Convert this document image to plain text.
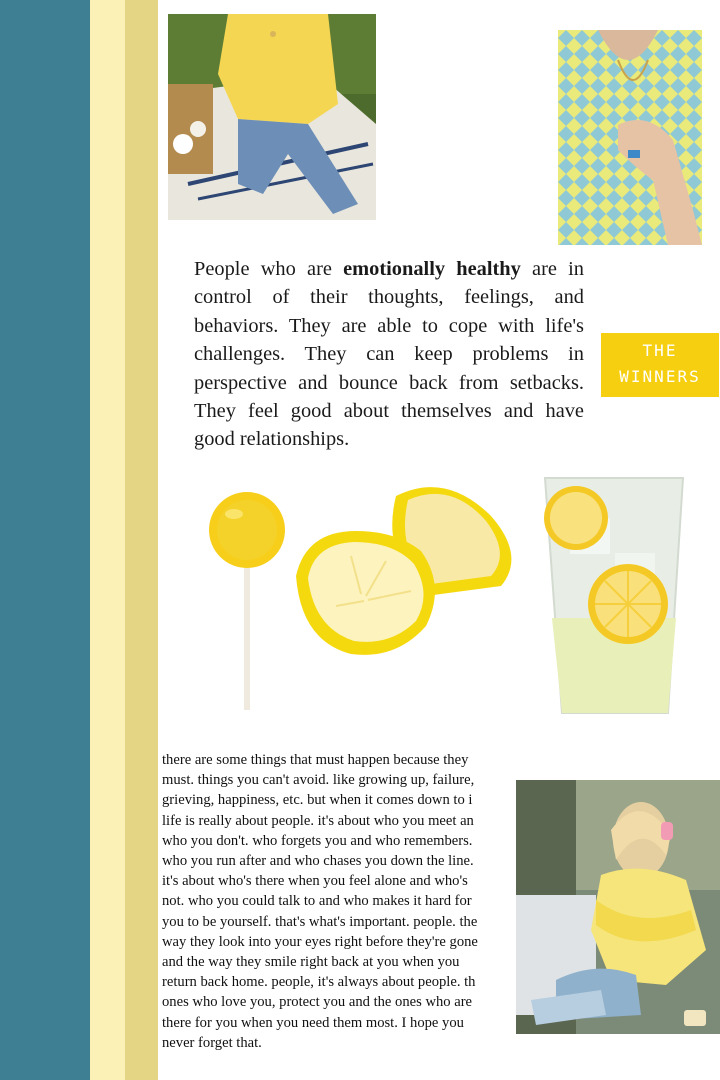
People who are emotionally healthy are in control of their thoughts, feelings, and behaviors. They are able to cope with life's challenges. They can keep problems in perspective and bounce back from setbacks. They feel good about themselves and have good relationships.

THE
WINNERS

there are some things that must happen because they
must. things you can't avoid. like growing up, failure,
grieving, happiness, etc. but when it comes down to i
life is really about people. it's about who you meet an
who you don't. who forgets you and who remembers.
who you run after and who chases you down the line.
it's about who's there when you feel alone and who's
not. who you could talk to and who makes it hard for
you to be yourself. that's what's important. people. the
way they look into your eyes right before they're gone
and the way they smile right back at you when you
return back home. people, it's always about people. th
ones who love you, protect you and the ones who are
there for you when you need them most. I hope you
never forget that.
